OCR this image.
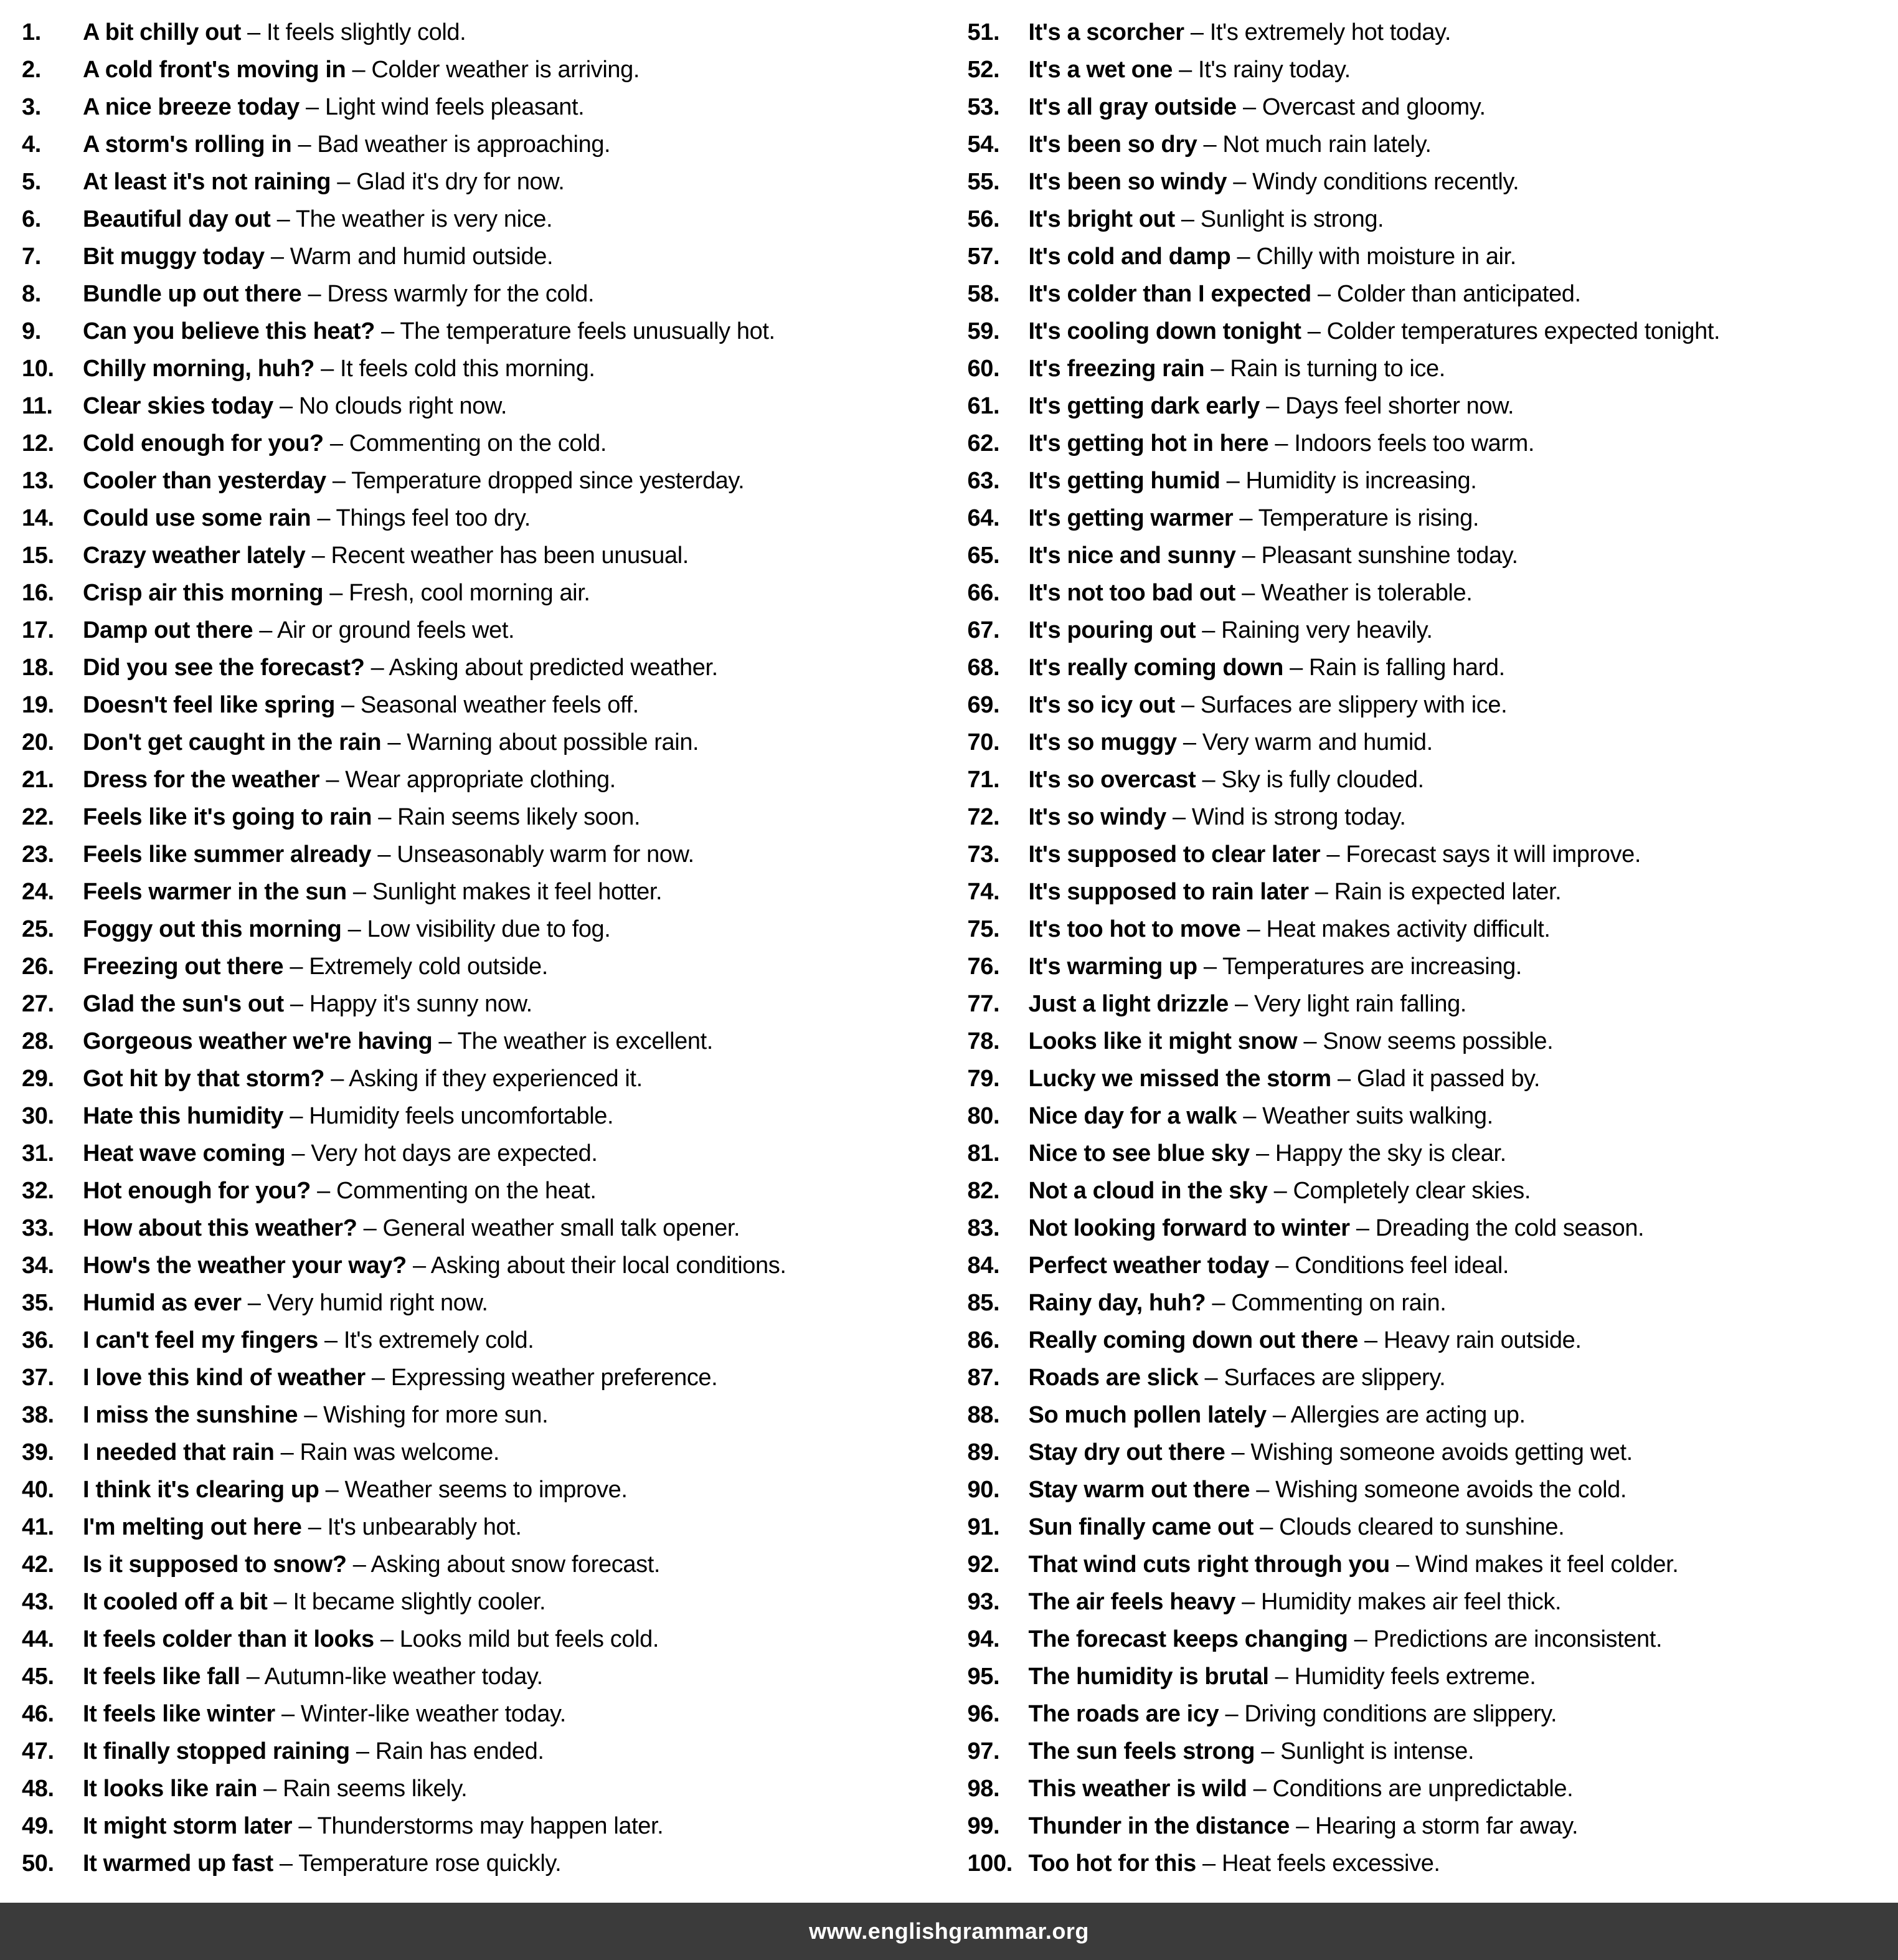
1.	A bit chilly out – It feels slightly cold.
2.	A cold front's moving in – Colder weather is arriving.
3.	A nice breeze today – Light wind feels pleasant.
4.	A storm's rolling in – Bad weather is approaching.
5.	At least it's not raining – Glad it's dry for now.
6.	Beautiful day out – The weather is very nice.
7.	Bit muggy today – Warm and humid outside.
8.	Bundle up out there – Dress warmly for the cold.
9.	Can you believe this heat? – The temperature feels unusually hot.
10.	Chilly morning, huh? – It feels cold this morning.
11.	Clear skies today – No clouds right now.
12.	Cold enough for you? – Commenting on the cold.
13.	Cooler than yesterday – Temperature dropped since yesterday.
14.	Could use some rain – Things feel too dry.
15.	Crazy weather lately – Recent weather has been unusual.
16.	Crisp air this morning – Fresh, cool morning air.
17.	Damp out there – Air or ground feels wet.
18.	Did you see the forecast? – Asking about predicted weather.
19.	Doesn't feel like spring – Seasonal weather feels off.
20.	Don't get caught in the rain – Warning about possible rain.
21.	Dress for the weather – Wear appropriate clothing.
22.	Feels like it's going to rain – Rain seems likely soon.
23.	Feels like summer already – Unseasonably warm for now.
24.	Feels warmer in the sun – Sunlight makes it feel hotter.
25.	Foggy out this morning – Low visibility due to fog.
26.	Freezing out there – Extremely cold outside.
27.	Glad the sun's out – Happy it's sunny now.
28.	Gorgeous weather we're having – The weather is excellent.
29.	Got hit by that storm? – Asking if they experienced it.
30.	Hate this humidity – Humidity feels uncomfortable.
31.	Heat wave coming – Very hot days are expected.
32.	Hot enough for you? – Commenting on the heat.
33.	How about this weather? – General weather small talk opener.
34.	How's the weather your way? – Asking about their local conditions.
35.	Humid as ever – Very humid right now.
36.	I can't feel my fingers – It's extremely cold.
37.	I love this kind of weather – Expressing weather preference.
38.	I miss the sunshine – Wishing for more sun.
39.	I needed that rain – Rain was welcome.
40.	I think it's clearing up – Weather seems to improve.
41.	I'm melting out here – It's unbearably hot.
42.	Is it supposed to snow? – Asking about snow forecast.
43.	It cooled off a bit – It became slightly cooler.
44.	It feels colder than it looks – Looks mild but feels cold.
45.	It feels like fall – Autumn-like weather today.
46.	It feels like winter – Winter-like weather today.
47.	It finally stopped raining – Rain has ended.
48.	It looks like rain – Rain seems likely.
49.	It might storm later – Thunderstorms may happen later.
50.	It warmed up fast – Temperature rose quickly.
51.	It's a scorcher – It's extremely hot today.
52.	It's a wet one – It's rainy today.
53.	It's all gray outside – Overcast and gloomy.
54.	It's been so dry – Not much rain lately.
55.	It's been so windy – Windy conditions recently.
56.	It's bright out – Sunlight is strong.
57.	It's cold and damp – Chilly with moisture in air.
58.	It's colder than I expected – Colder than anticipated.
59.	It's cooling down tonight – Colder temperatures expected tonight.
60.	It's freezing rain – Rain is turning to ice.
61.	It's getting dark early – Days feel shorter now.
62.	It's getting hot in here – Indoors feels too warm.
63.	It's getting humid – Humidity is increasing.
64.	It's getting warmer – Temperature is rising.
65.	It's nice and sunny – Pleasant sunshine today.
66.	It's not too bad out – Weather is tolerable.
67.	It's pouring out – Raining very heavily.
68.	It's really coming down – Rain is falling hard.
69.	It's so icy out – Surfaces are slippery with ice.
70.	It's so muggy – Very warm and humid.
71.	It's so overcast – Sky is fully clouded.
72.	It's so windy – Wind is strong today.
73.	It's supposed to clear later – Forecast says it will improve.
74.	It's supposed to rain later – Rain is expected later.
75.	It's too hot to move – Heat makes activity difficult.
76.	It's warming up – Temperatures are increasing.
77.	Just a light drizzle – Very light rain falling.
78.	Looks like it might snow – Snow seems possible.
79.	Lucky we missed the storm – Glad it passed by.
80.	Nice day for a walk – Weather suits walking.
81.	Nice to see blue sky – Happy the sky is clear.
82.	Not a cloud in the sky – Completely clear skies.
83.	Not looking forward to winter – Dreading the cold season.
84.	Perfect weather today – Conditions feel ideal.
85.	Rainy day, huh? – Commenting on rain.
86.	Really coming down out there – Heavy rain outside.
87.	Roads are slick – Surfaces are slippery.
88.	So much pollen lately – Allergies are acting up.
89.	Stay dry out there – Wishing someone avoids getting wet.
90.	Stay warm out there – Wishing someone avoids the cold.
91.	Sun finally came out – Clouds cleared to sunshine.
92.	That wind cuts right through you – Wind makes it feel colder.
93.	The air feels heavy – Humidity makes air feel thick.
94.	The forecast keeps changing – Predictions are inconsistent.
95.	The humidity is brutal – Humidity feels extreme.
96.	The roads are icy – Driving conditions are slippery.
97.	The sun feels strong – Sunlight is intense.
98.	This weather is wild – Conditions are unpredictable.
99.	Thunder in the distance – Hearing a storm far away.
100. Too hot for this – Heat feels excessive.
www.englishgrammar.org
